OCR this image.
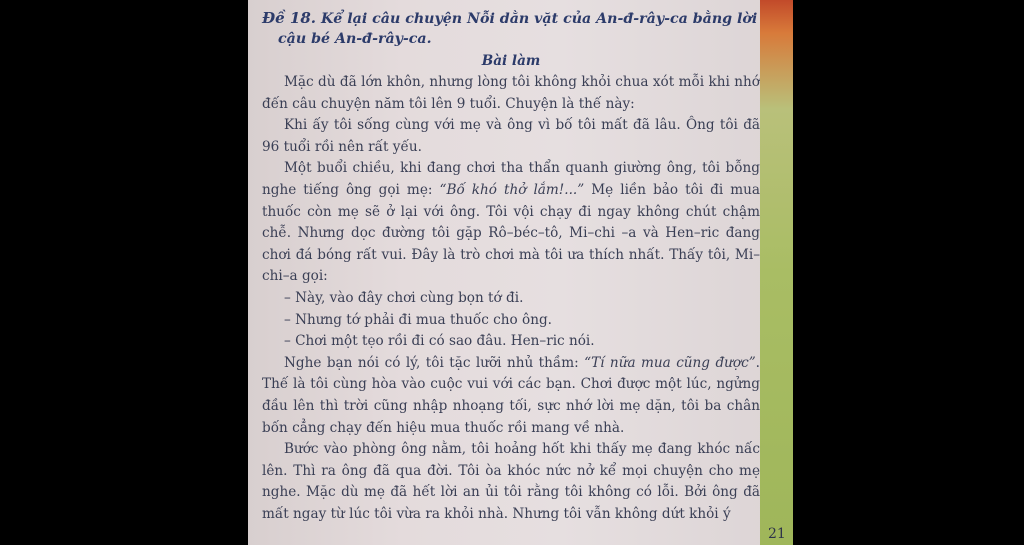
Đề 18. Kể lại câu chuyện Nỗi dằn vặt của An-đ-rây-ca bằng lời
cậu bé An-đ-rây-ca.
Bài làm

Mặc dù đã lớn khôn, nhưng lòng tôi không khỏi chua xót mỗi khi nhớ đến câu chuyện năm tôi lên 9 tuổi. Chuyện là thế này:

Khi ấy tôi sống cùng với mẹ và ông vì bố tôi mất đã lâu. Ông tôi đã 96 tuổi rồi nên rất yếu.

Một buổi chiều, khi đang chơi tha thẩn quanh giường ông, tôi bỗng nghe tiếng ông gọi mẹ: “Bố khó thở lắm!...” Mẹ liền bảo tôi đi mua thuốc còn mẹ sẽ ở lại với ông. Tôi vội chạy đi ngay không chút chậm chễ. Nhưng dọc đường tôi gặp Rô–béc–tô, Mi–chi –a và Hen–ric đang chơi đá bóng rất vui. Đây là trò chơi mà tôi ưa thích nhất. Thấy tôi, Mi–chi–a gọi:

– Này, vào đây chơi cùng bọn tớ đi.
– Nhưng tớ phải đi mua thuốc cho ông.
– Chơi một tẹo rồi đi có sao đâu. Hen–ric nói.

Nghe bạn nói có lý, tôi tặc lưỡi nhủ thầm: “Tí nữa mua cũng được”. Thế là tôi cùng hòa vào cuộc vui với các bạn. Chơi được một lúc, ngửng đầu lên thì trời cũng nhập nhoạng tối, sực nhớ lời mẹ dặn, tôi ba chân bốn cẳng chạy đến hiệu mua thuốc rồi mang về nhà.

Bước vào phòng ông nằm, tôi hoảng hốt khi thấy mẹ đang khóc nấc lên. Thì ra ông đã qua đời. Tôi òa khóc nức nở kể mọi chuyện cho mẹ nghe. Mặc dù mẹ đã hết lời an ủi tôi rằng tôi không có lỗi. Bởi ông đã mất ngay từ lúc tôi vừa ra khỏi nhà. Nhưng tôi vẫn không dứt khỏi ý

21
